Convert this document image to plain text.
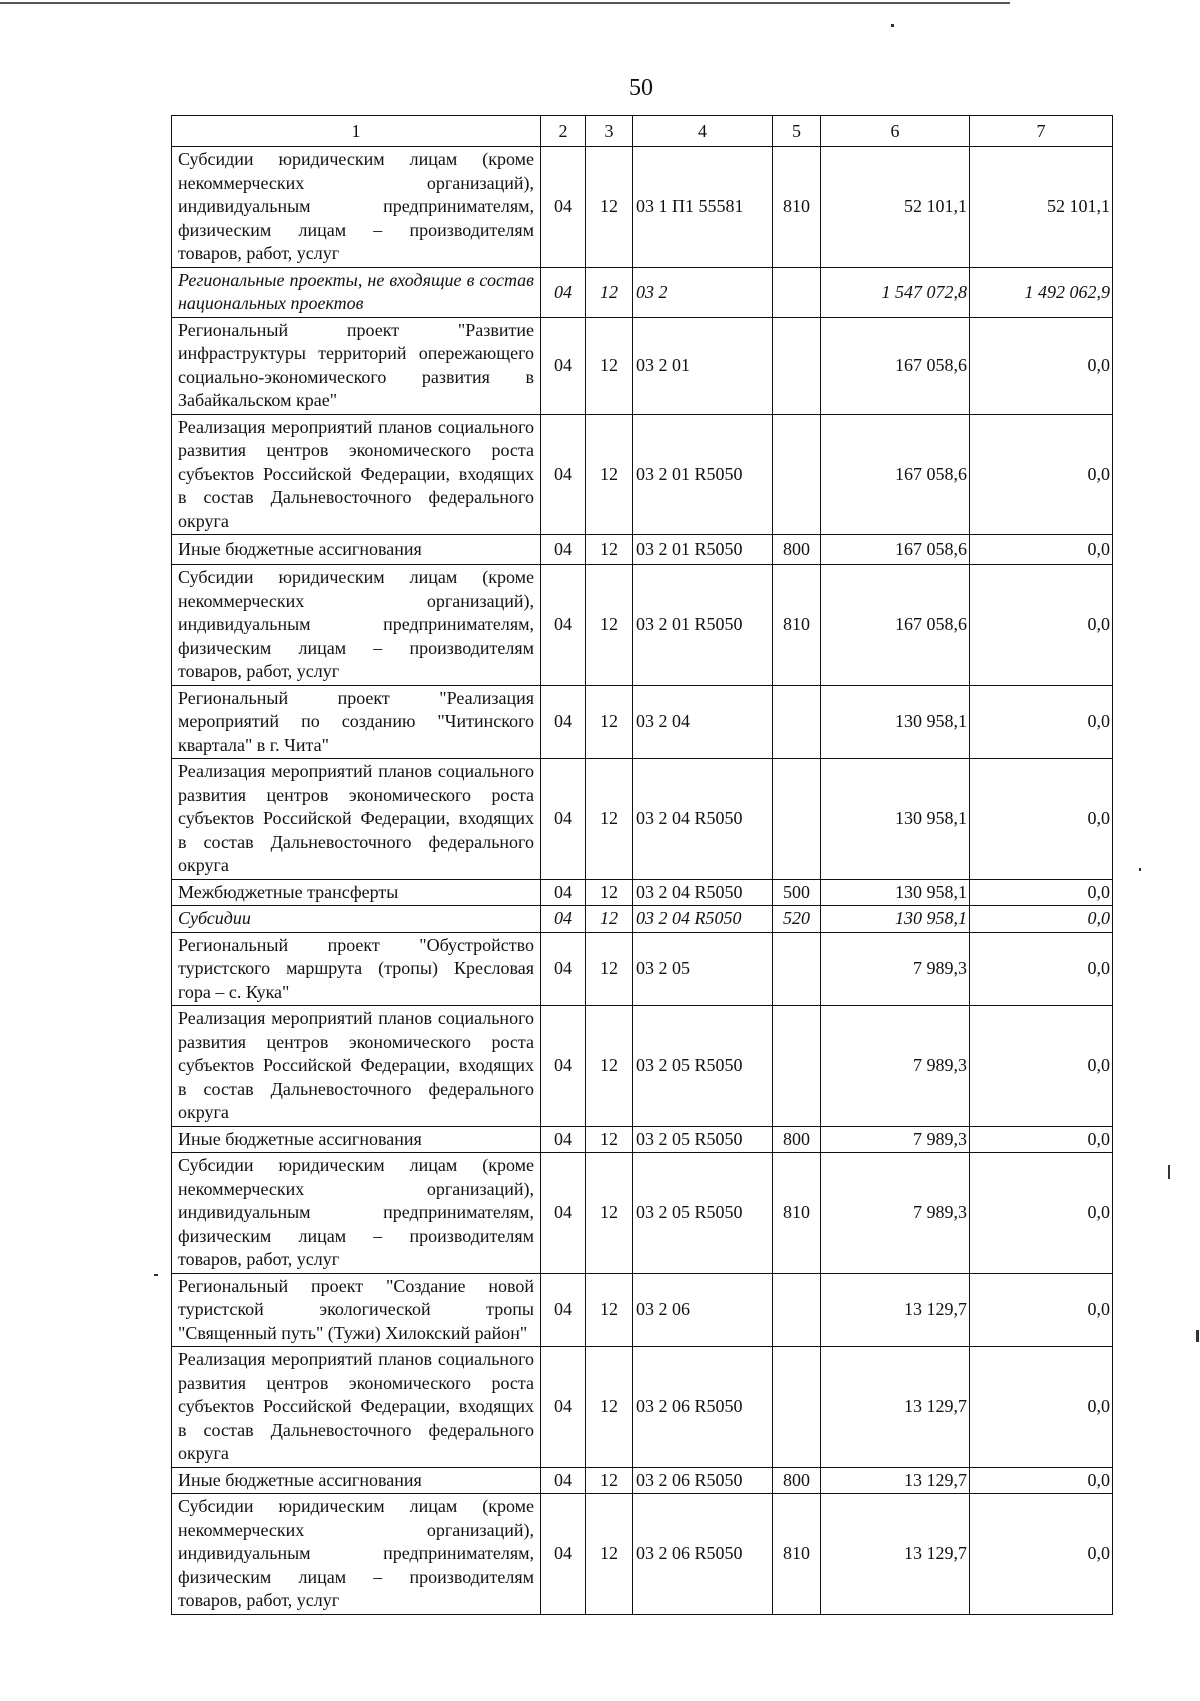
50
1	2	3	4	5	6	7
Субсидии юридическим лицам (кроме некоммерческих организаций), индивидуальным предпринимателям, физическим лицам – производителям товаров, работ, услуг	04	12	03 1 П1 55581	810	52 101,1	52 101,1
Региональные проекты, не входящие в состав национальных проектов	04	12	03 2		1 547 072,8	1 492 062,9
Региональный проект "Развитие инфраструктуры территорий опережающего социально-экономического развития в Забайкальском крае"	04	12	03 2 01		167 058,6	0,0
Реализация мероприятий планов социального развития центров экономического роста субъектов Российской Федерации, входящих в состав Дальневосточного федерального округа	04	12	03 2 01 R5050		167 058,6	0,0
Иные бюджетные ассигнования	04	12	03 2 01 R5050	800	167 058,6	0,0
Субсидии юридическим лицам (кроме некоммерческих организаций), индивидуальным предпринимателям, физическим лицам – производителям товаров, работ, услуг	04	12	03 2 01 R5050	810	167 058,6	0,0
Региональный проект "Реализация мероприятий по созданию "Читинского квартала" в г. Чита"	04	12	03 2 04		130 958,1	0,0
Реализация мероприятий планов социального развития центров экономического роста субъектов Российской Федерации, входящих в состав Дальневосточного федерального округа	04	12	03 2 04 R5050		130 958,1	0,0
Межбюджетные трансферты	04	12	03 2 04 R5050	500	130 958,1	0,0
Субсидии	04	12	03 2 04 R5050	520	130 958,1	0,0
Региональный проект "Обустройство туристского маршрута (тропы) Кресловая гора – с. Кука"	04	12	03 2 05		7 989,3	0,0
Реализация мероприятий планов социального развития центров экономического роста субъектов Российской Федерации, входящих в состав Дальневосточного федерального округа	04	12	03 2 05 R5050		7 989,3	0,0
Иные бюджетные ассигнования	04	12	03 2 05 R5050	800	7 989,3	0,0
Субсидии юридическим лицам (кроме некоммерческих организаций), индивидуальным предпринимателям, физическим лицам – производителям товаров, работ, услуг	04	12	03 2 05 R5050	810	7 989,3	0,0
Региональный проект "Создание новой туристской экологической тропы "Священный путь" (Тужи) Хилокский район"	04	12	03 2 06		13 129,7	0,0
Реализация мероприятий планов социального развития центров экономического роста субъектов Российской Федерации, входящих в состав Дальневосточного федерального округа	04	12	03 2 06 R5050		13 129,7	0,0
Иные бюджетные ассигнования	04	12	03 2 06 R5050	800	13 129,7	0,0
Субсидии юридическим лицам (кроме некоммерческих организаций), индивидуальным предпринимателям, физическим лицам – производителям товаров, работ, услуг	04	12	03 2 06 R5050	810	13 129,7	0,0
